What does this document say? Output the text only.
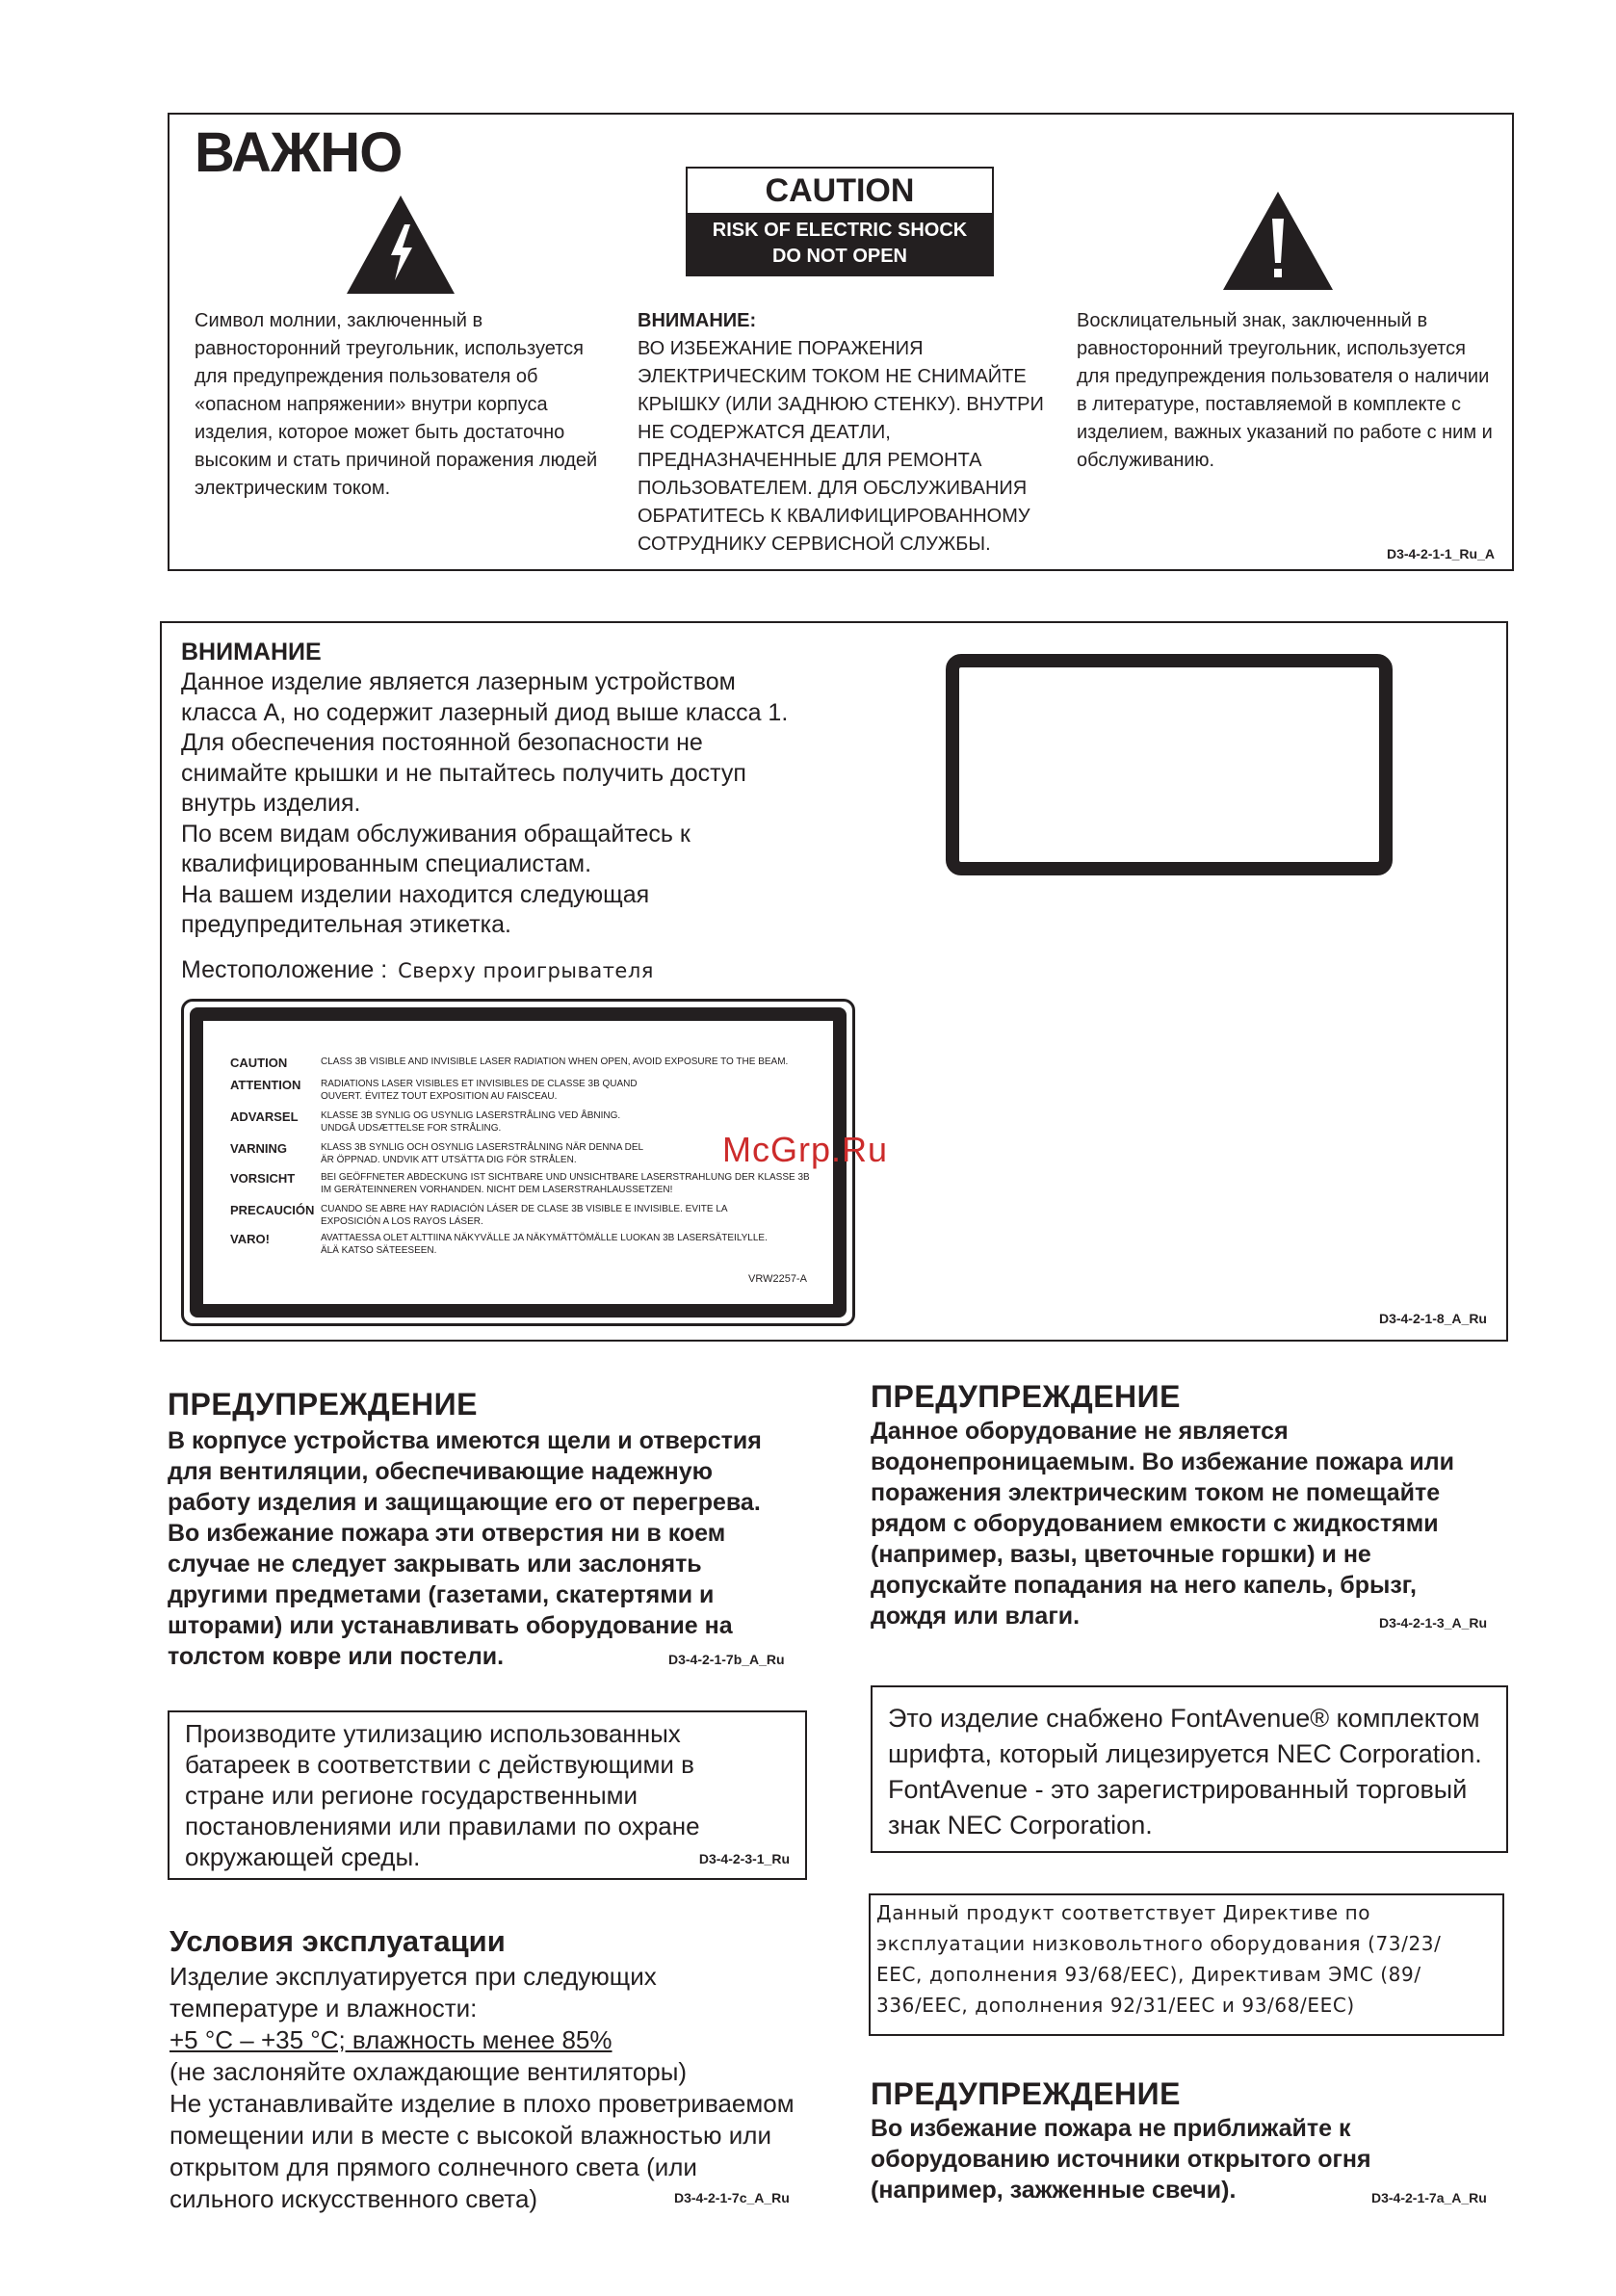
ВАЖНО
CAUTION
RISK OF ELECTRIC SHOCK
DO NOT OPEN
Символ молнии, заключенный в
равносторонний треугольник, используется
для предупреждения пользователя об
«опасном напряжении» внутри корпуса
изделия, которое может быть достаточно
высоким и стать причиной поражения людей
электрическим током.
ВНИМАНИЕ:
ВО ИЗБЕЖАНИЕ ПОРАЖЕНИЯ
ЭЛЕКТРИЧЕСКИМ ТОКОМ НЕ СНИМАЙТЕ
КРЫШКУ (ИЛИ ЗАДНЮЮ СТЕНКУ). ВНУТРИ
НЕ СОДЕРЖАТСЯ ДЕАТЛИ,
ПРЕДНАЗНАЧЕННЫЕ ДЛЯ РЕМОНТА
ПОЛЬЗОВАТЕЛЕМ. ДЛЯ ОБСЛУЖИВАНИЯ
ОБРАТИТЕСЬ К КВАЛИФИЦИРОВАННОМУ
СОТРУДНИКУ СЕРВИСНОЙ СЛУЖБЫ.
Восклицательный знак, заключенный в
равносторонний треугольник, используется
для предупреждения пользователя о наличии
в литературе, поставляемой в комплекте с
изделием, важных указаний по работе с ним и
обслуживанию.
D3-4-2-1-1_Ru_A
ВНИМАНИЕ
Данное изделие является лазерным устройством
класса A, но содержит лазерный диод выше класса 1.
Для обеспечения постоянной безопасности не
снимайте крышки и не пытайтесь получить доступ
внутрь изделия.
По всем видам обслуживания обращайтесь к
квалифицированным специалистам.
На вашем изделии находится следующая
предупредительная этикетка.
Местоположение : Сверху проигрывателя
CAUTION	CLASS 3B VISIBLE AND INVISIBLE LASER RADIATION WHEN OPEN, AVOID EXPOSURE TO THE BEAM.
ATTENTION RADIATIONS LASER VISIBLES ET INVISIBLES DE CLASSE 3B QUAND
OUVERT. ÉVITEZ TOUT EXPOSITION AU FAISCEAU.
ADVARSEL KLASSE 3B SYNLIG OG USYNLIG LASERSTRÅLING VED ÅBNING.
UNDGÅ UDSÆTTELSE FOR STRÅLING.
VARNING	KLASS 3B SYNLIG OCH OSYNLIG LASERSTRÅLNING NÄR DENNA DEL
ÄR ÖPPNAD. UNDVIK ATT UTSÄTTA DIG FÖR STRÅLEN.
VORSICHT	BEI GEÖFFNETER ABDECKUNG IST SICHTBARE UND UNSICHTBARE LASERSTRAHLUNG DER KLASSE 3B
IM GERÄTEINNEREN VORHANDEN. NICHT DEM LASERSTRAHLAUSSETZEN!
PRECAUCIÓN CUANDO SE ABRE HAY RADIACIÓN LÁSER DE CLASE 3B VISIBLE E INVISIBLE. EVITE LA
EXPOSICIÓN A LOS RAYOS LÁSER.
VARO!	AVATTAESSA OLET ALTTIINA NÄKYVÄLLE JA NÄKYMÄTTÖMÄLLE LUOKAN 3B LASERSÄTEILYLLE.
ÄLÄ KATSO SÄTEESEEN.
VRW2257-A
McGrp.Ru
D3-4-2-1-8_A_Ru
ПРЕДУПРЕЖДЕНИЕ
В корпусе устройства имеются щели и отверстия
для вентиляции, обеспечивающие надежную
работу изделия и защищающие его от перегрева.
Во избежание пожара эти отверстия ни в коем
случае не следует закрывать или заслонять
другими предметами (газетами, скатертями и
шторами) или устанавливать оборудование на
толстом ковре или постели.	D3-4-2-1-7b_A_Ru
Производите утилизацию использованных
батареек в соответствии с действующими в
стране или регионе государственными
постановлениями или правилами по охране
окружающей среды.	D3-4-2-3-1_Ru
Условия эксплуатации
Изделие эксплуатируется при следующих
температуре и влажности:
+5 °C – +35 °C; влажность менее 85%
(не заслоняйте охлаждающие вентиляторы)
Не устанавливайте изделие в плохо проветриваемом
помещении или в месте с высокой влажностью или
открытом для прямого солнечного света (или
сильного искусственного света)	D3-4-2-1-7c_A_Ru
ПРЕДУПРЕЖДЕНИЕ
Данное оборудование не является
водонепроницаемым. Во избежание пожара или
поражения электрическим током не помещайте
рядом с оборудованием емкости с жидкостями
(например, вазы, цветочные горшки) и не
допускайте попадания на него капель, брызг,
дождя или влаги.	D3-4-2-1-3_A_Ru
Это изделие снабжено FontAvenue® комплектом
шрифта, который лицезируется NEC Corporation.
FontAvenue - это зарегистрированный торговый
знак NEC Corporation.
Данный продукт соответствует Директиве по
эксплуатации низковольтного оборудования (73/23/
EEC, дополнения 93/68/EEC), Директивам ЭМС (89/
336/EEC, дополнения 92/31/EEC и 93/68/EEC)
ПРЕДУПРЕЖДЕНИЕ
Во избежание пожара не приближайте к
оборудованию источники открытого огня
(например, зажженные свечи).	D3-4-2-1-7a_A_Ru
